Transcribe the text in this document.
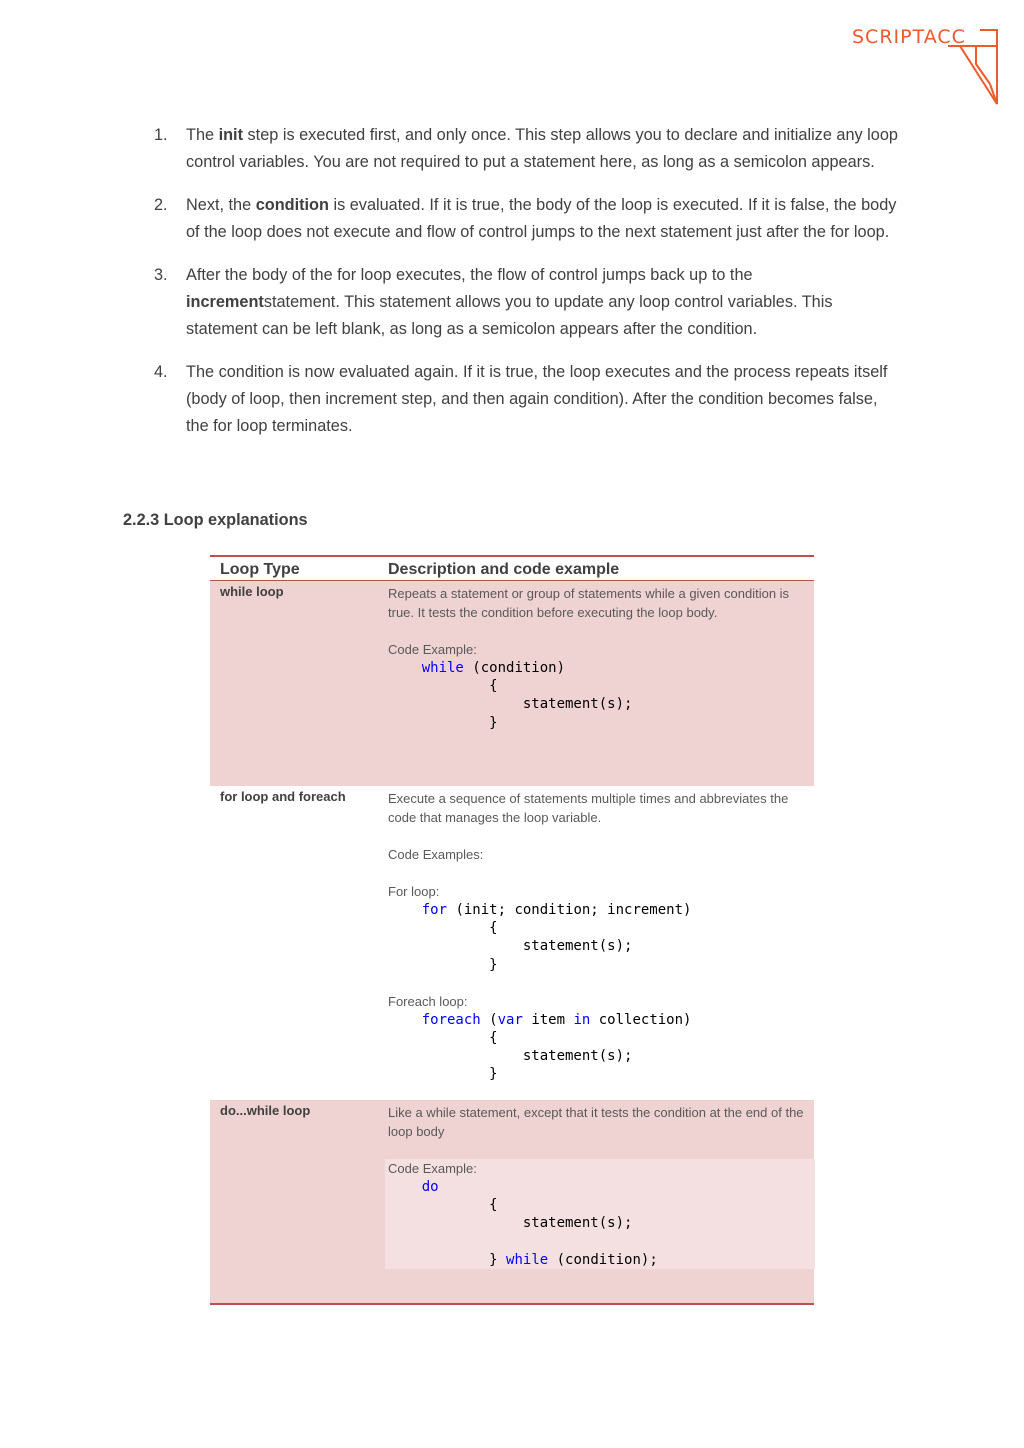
SCRIPTACC
1. The init step is executed first, and only once. This step allows you to declare and initialize any loop control variables. You are not required to put a statement here, as long as a semicolon appears.
2. Next, the condition is evaluated. If it is true, the body of the loop is executed. If it is false, the body of the loop does not execute and flow of control jumps to the next statement just after the for loop.
3. After the body of the for loop executes, the flow of control jumps back up to the incrementstatement. This statement allows you to update any loop control variables. This statement can be left blank, as long as a semicolon appears after the condition.
4. The condition is now evaluated again. If it is true, the loop executes and the process repeats itself (body of loop, then increment step, and then again condition). After the condition becomes false, the for loop terminates.
2.2.3 Loop explanations
Loop Type	Description and code example
while loop	Repeats a statement or group of statements while a given condition is true. It tests the condition before executing the loop body.

Code Example:
while (condition)
{
statement(s);
}
for loop and foreach	Execute a sequence of statements multiple times and abbreviates the code that manages the loop variable.

Code Examples:
For loop:
for (init; condition; increment)
{
statement(s);
}
Foreach loop:
foreach (var item in collection)
{
statement(s);
}
do...while loop	Like a while statement, except that it tests the condition at the end of the loop body

Code Example:
do
{
statement(s);

} while (condition);
